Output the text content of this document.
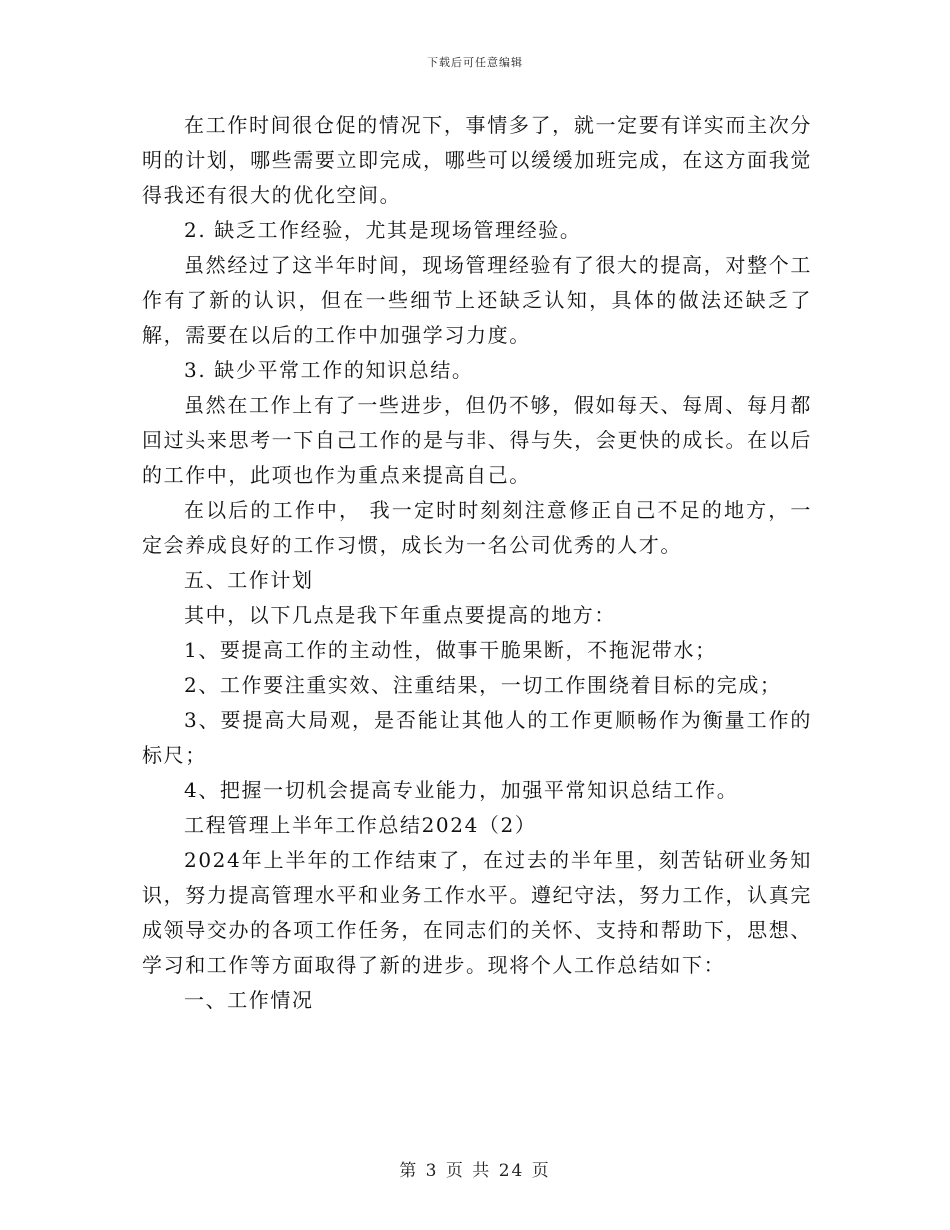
下载后可任意编辑

在工作时间很仓促的情况下，事情多了，就一定要有详实而主次分明的计划，哪些需要立即完成，哪些可以缓缓加班完成，在这方面我觉得我还有很大的优化空间。

2. 缺乏工作经验，尤其是现场管理经验。

虽然经过了这半年时间，现场管理经验有了很大的提高，对整个工作有了新的认识，但在一些细节上还缺乏认知，具体的做法还缺乏了解，需要在以后的工作中加强学习力度。

3. 缺少平常工作的知识总结。

虽然在工作上有了一些进步，但仍不够，假如每天、每周、每月都回过头来思考一下自己工作的是与非、得与失，会更快的成长。在以后的工作中，此项也作为重点来提高自己。

在以后的工作中， 我一定时时刻刻注意修正自己不足的地方，一定会养成良好的工作习惯，成长为一名公司优秀的人才。

五、工作计划

其中，以下几点是我下年重点要提高的地方：

1、要提高工作的主动性，做事干脆果断，不拖泥带水；

2、工作要注重实效、注重结果，一切工作围绕着目标的完成；

3、要提高大局观，是否能让其他人的工作更顺畅作为衡量工作的标尺；

4、把握一切机会提高专业能力，加强平常知识总结工作。

工程管理上半年工作总结2024（2）

2024年上半年的工作结束了，在过去的半年里，刻苦钻研业务知识，努力提高管理水平和业务工作水平。遵纪守法，努力工作，认真完成领导交办的各项工作任务，在同志们的关怀、支持和帮助下，思想、学习和工作等方面取得了新的进步。现将个人工作总结如下：

一、工作情况

第 3 页 共 24 页
